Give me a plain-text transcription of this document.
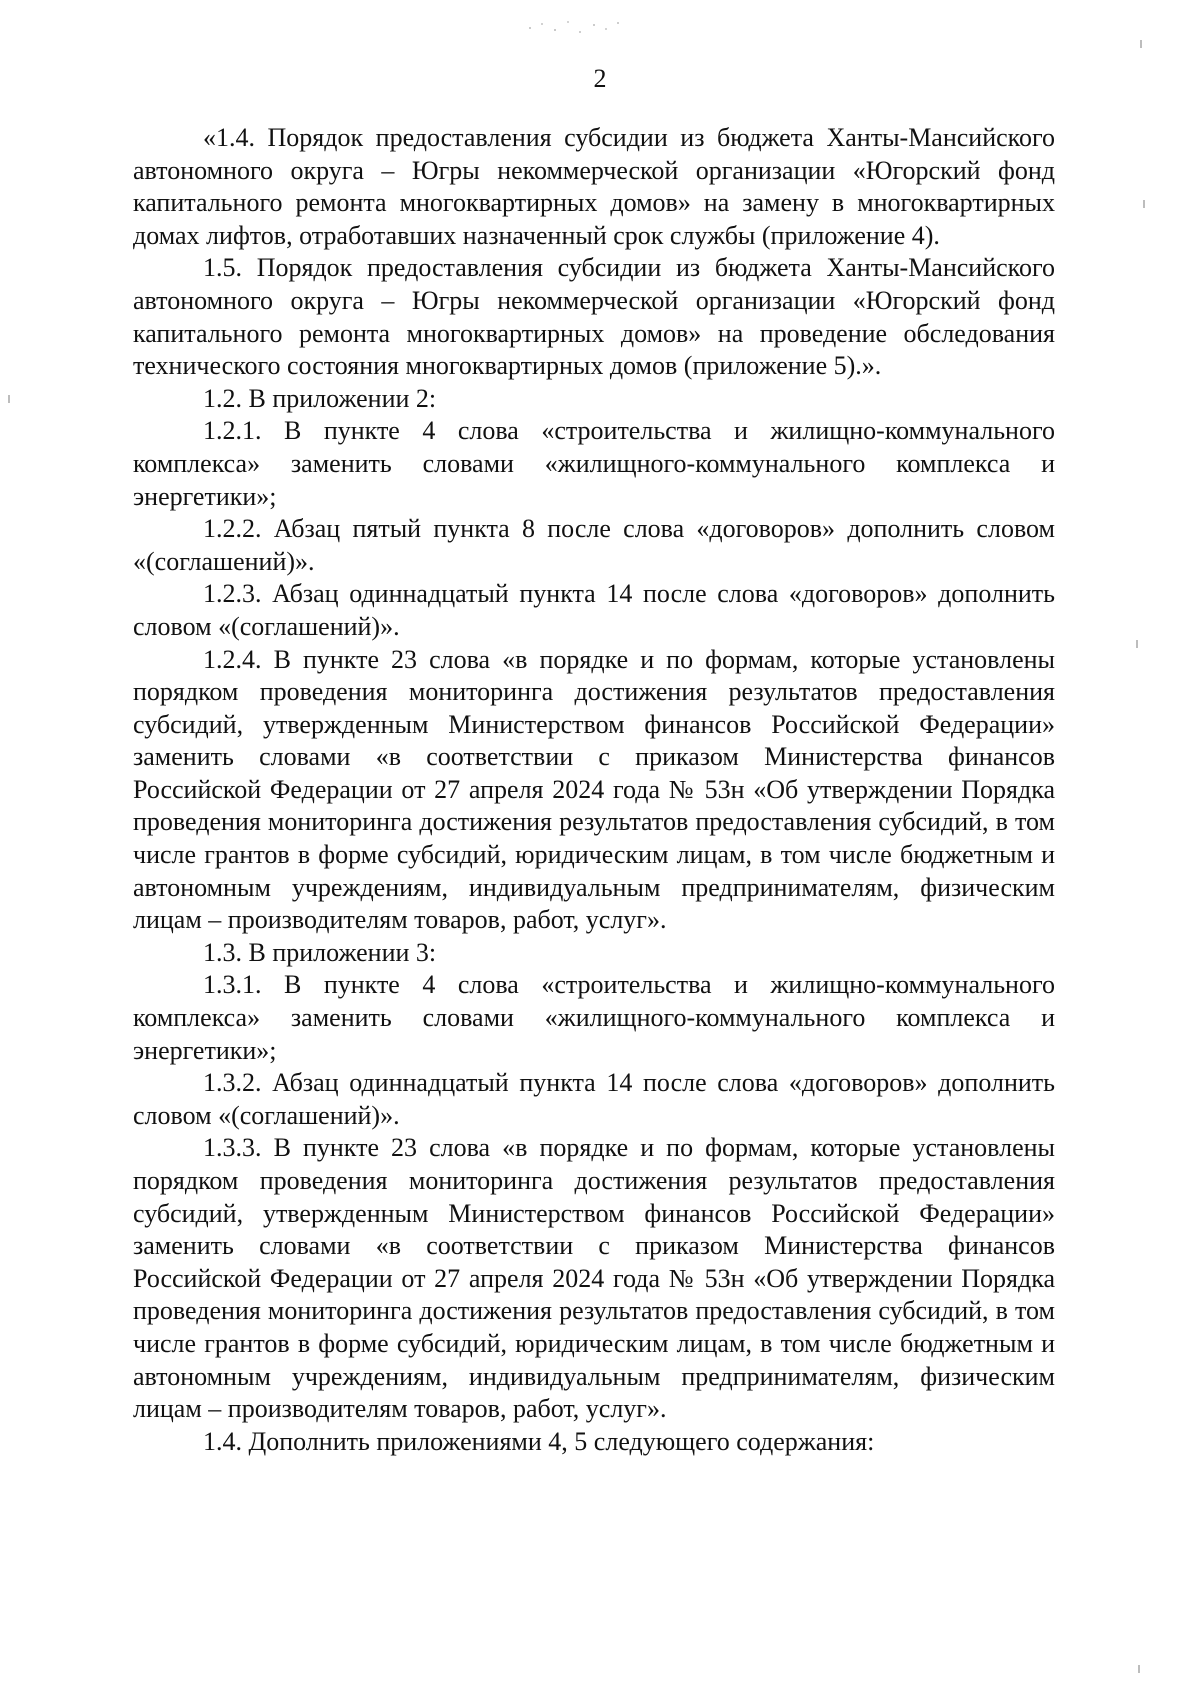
2

«1.4. Порядок предоставления субсидии из бюджета Ханты-Мансийского автономного округа – Югры некоммерческой организации «Югорский фонд капитального ремонта многоквартирных домов» на замену в многоквартирных домах лифтов, отработавших назначенный срок службы (приложение 4).

1.5. Порядок предоставления субсидии из бюджета Ханты-Мансийского автономного округа – Югры некоммерческой организации «Югорский фонд капитального ремонта многоквартирных домов» на проведение обследования технического состояния многоквартирных домов (приложение 5).».

1.2. В приложении 2:

1.2.1. В пункте 4 слова «строительства и жилищно-коммунального комплекса» заменить словами «жилищного-коммунального комплекса и энергетики»;

1.2.2. Абзац пятый пункта 8 после слова «договоров» дополнить словом «(соглашений)».

1.2.3. Абзац одиннадцатый пункта 14 после слова «договоров» дополнить словом «(соглашений)».

1.2.4. В пункте 23 слова «в порядке и по формам, которые установлены порядком проведения мониторинга достижения результатов предоставления субсидий, утвержденным Министерством финансов Российской Федерации» заменить словами «в соответствии с приказом Министерства финансов Российской Федерации от 27 апреля 2024 года № 53н «Об утверждении Порядка проведения мониторинга достижения результатов предоставления субсидий, в том числе грантов в форме субсидий, юридическим лицам, в том числе бюджетным и автономным учреждениям, индивидуальным предпринимателям, физическим лицам – производителям товаров, работ, услуг».

1.3. В приложении 3:

1.3.1. В пункте 4 слова «строительства и жилищно-коммунального комплекса» заменить словами «жилищного-коммунального комплекса и энергетики»;

1.3.2. Абзац одиннадцатый пункта 14 после слова «договоров» дополнить словом «(соглашений)».

1.3.3. В пункте 23 слова «в порядке и по формам, которые установлены порядком проведения мониторинга достижения результатов предоставления субсидий, утвержденным Министерством финансов Российской Федерации» заменить словами «в соответствии с приказом Министерства финансов Российской Федерации от 27 апреля 2024 года № 53н «Об утверждении Порядка проведения мониторинга достижения результатов предоставления субсидий, в том числе грантов в форме субсидий, юридическим лицам, в том числе бюджетным и автономным учреждениям, индивидуальным предпринимателям, физическим лицам – производителям товаров, работ, услуг».

1.4. Дополнить приложениями 4, 5 следующего содержания:
